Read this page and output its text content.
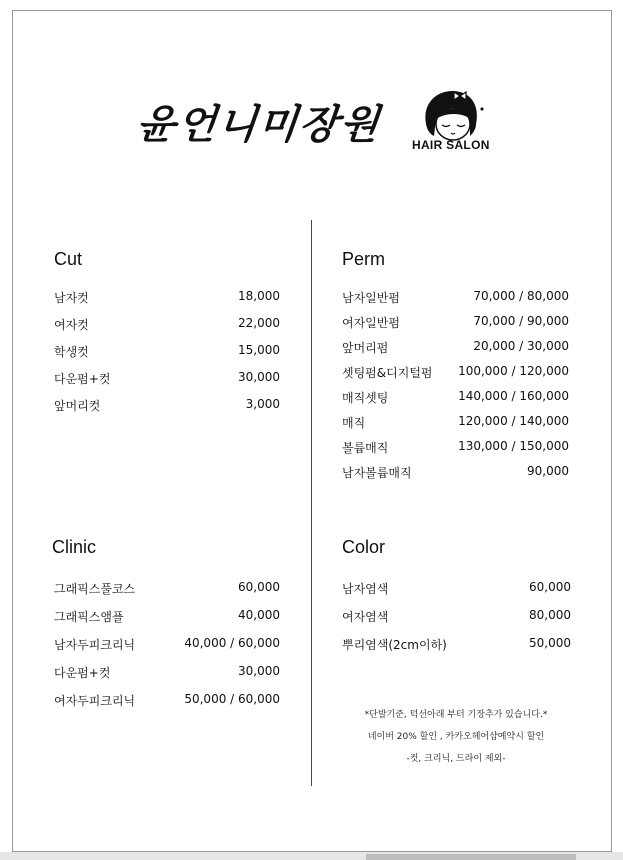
윤언니미장원 HAIR SALON
Cut
남자컷	18,000
여자컷	22,000
학생컷	15,000
다운펌+컷	30,000
앞머리컷	3,000
Perm
남자일반펌	70,000 / 80,000
여자일반펌	70,000 / 90,000
앞머리펌	20,000 / 30,000
셋팅펌&디지털펌 100,000 / 120,000
매직셋팅	140,000 / 160,000
매직	120,000 / 140,000
볼륨매직	130,000 / 150,000
남자볼륨매직	90,000
Clinic
그래픽스풀코스	60,000
그래픽스앰플	40,000
남자두피크리닉	40,000 / 60,000
다운펌+컷	30,000
여자두피크리닉	50,000 / 60,000
Color
남자염색	60,000
여자염색	80,000
뿌리염색(2cm이하)	50,000
*단발기준, 턱선아래 부터 기장추가 있습니다.*
네이버 20% 할인 , 카카오헤어샵예약시 할인
-컷, 크리닉, 드라이 제외-
